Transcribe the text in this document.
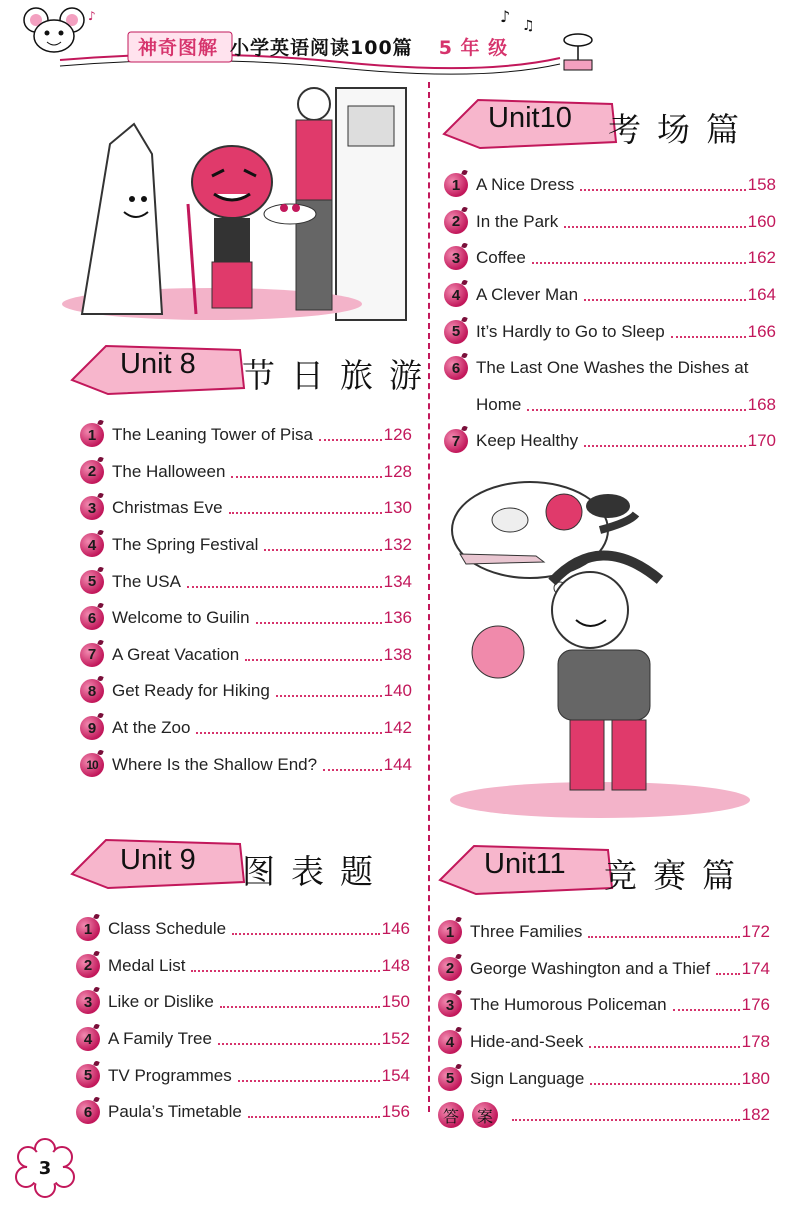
♪ ♫
♪
神奇图解 小学英语阅读100篇 5 年 级
Unit 8 节日旅游
1 The Leaning Tower of Pisa	126
2 The Halloween	128
3 Christmas Eve	130
4 The Spring Festival	132
5 The USA	134
6 Welcome to Guilin	136
7 A Great Vacation	138
8 Get Ready for Hiking	140
9 At the Zoo	142
10 Where Is the Shallow End?	144
Unit 9 图表题
1 Class Schedule	146
2 Medal List	148
3 Like or Dislike	150
4 A Family Tree	152
5 TV Programmes	154
6 Paula’s Timetable	156
Unit10 考场篇
1 A Nice Dress	158
2 In the Park	160
3 Coffee	162
4 A Clever Man	164
5 It’s Hardly to Go to Sleep	166
6 The Last One Washes the Dishes at
Home	168
7 Keep Healthy	170
Unit11 竞赛篇
1 Three Families	172
2 George Washington and a Thief 174
3 The Humorous Policeman	176
4 Hide-and-Seek	178
5 Sign Language	180
答	案	182
3
